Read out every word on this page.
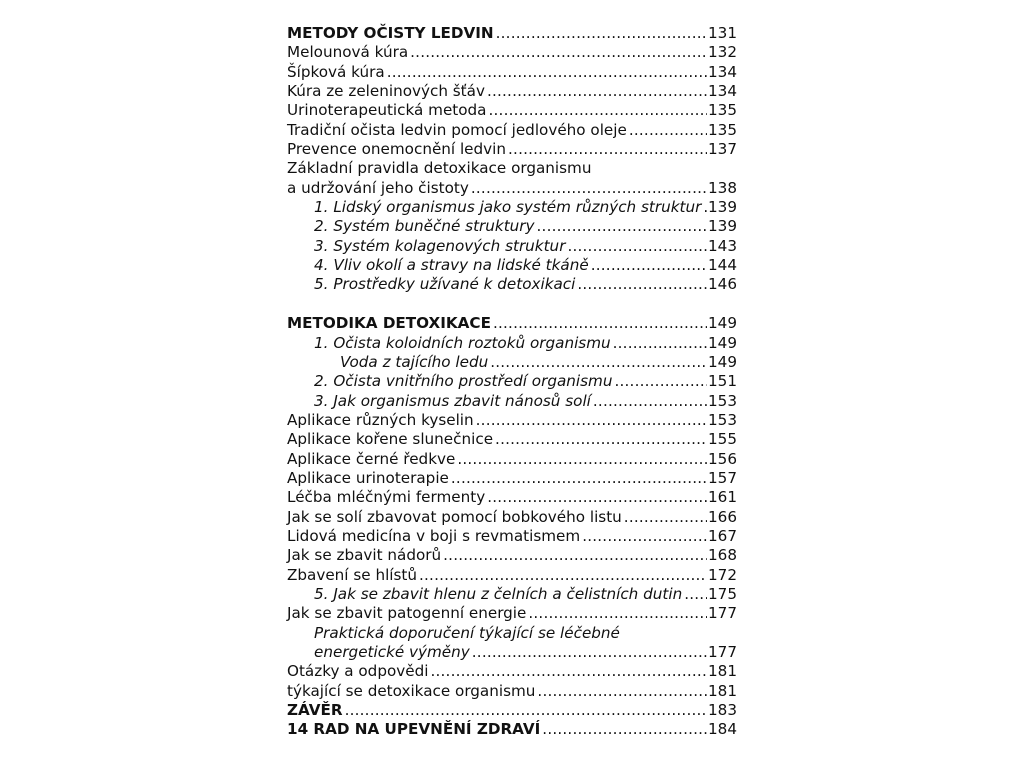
METODY OČISTY LEDVIN .....	131
Melounová kúra .....	132
Šípková kúra .....	134
Kúra ze zeleninových šťáv .....	134
Urinoterapeutická metoda .....	135
Tradiční očista ledvin pomocí jedlového oleje .....	135
Prevence onemocnění ledvin .....	137
Základní pravidla detoxikace organismu
a udržování jeho čistoty .....	138
1. Lidský organismus jako systém různých struktur ..... 139
2. Systém buněčné struktury .....	139
3. Systém kolagenových struktur .....	143
4. Vliv okolí a stravy na lidské tkáně .....	144
5. Prostředky užívané k detoxikaci .....	146
METODIKA DETOXIKACE .....	149
1. Očista koloidních roztoků organismu .....	149
Voda z tajícího ledu .....	149
2. Očista vnitřního prostředí organismu .....	151
3. Jak organismus zbavit nánosů solí .....	153
Aplikace různých kyselin .....	153
Aplikace kořene slunečnice .....	155
Aplikace černé ředkve .....	156
Aplikace urinoterapie .....	157
Léčba mléčnými fermenty .....	161
Jak se solí zbavovat pomocí bobkového listu .....	166
Lidová medicína v boji s revmatismem .....	167
Jak se zbavit nádorů .....	168
Zbavení se hlístů .....	172
5. Jak se zbavit hlenu z čelních a čelistních dutin ..... 175
Jak se zbavit patogenní energie .....	177
Praktická doporučení týkající se léčebné
energetické výměny .....	177
Otázky a odpovědi .....	181
týkající se detoxikace organismu .....	181
ZÁVĚR .....	183
14 RAD NA UPEVNĚNÍ ZDRAVÍ .....	184
